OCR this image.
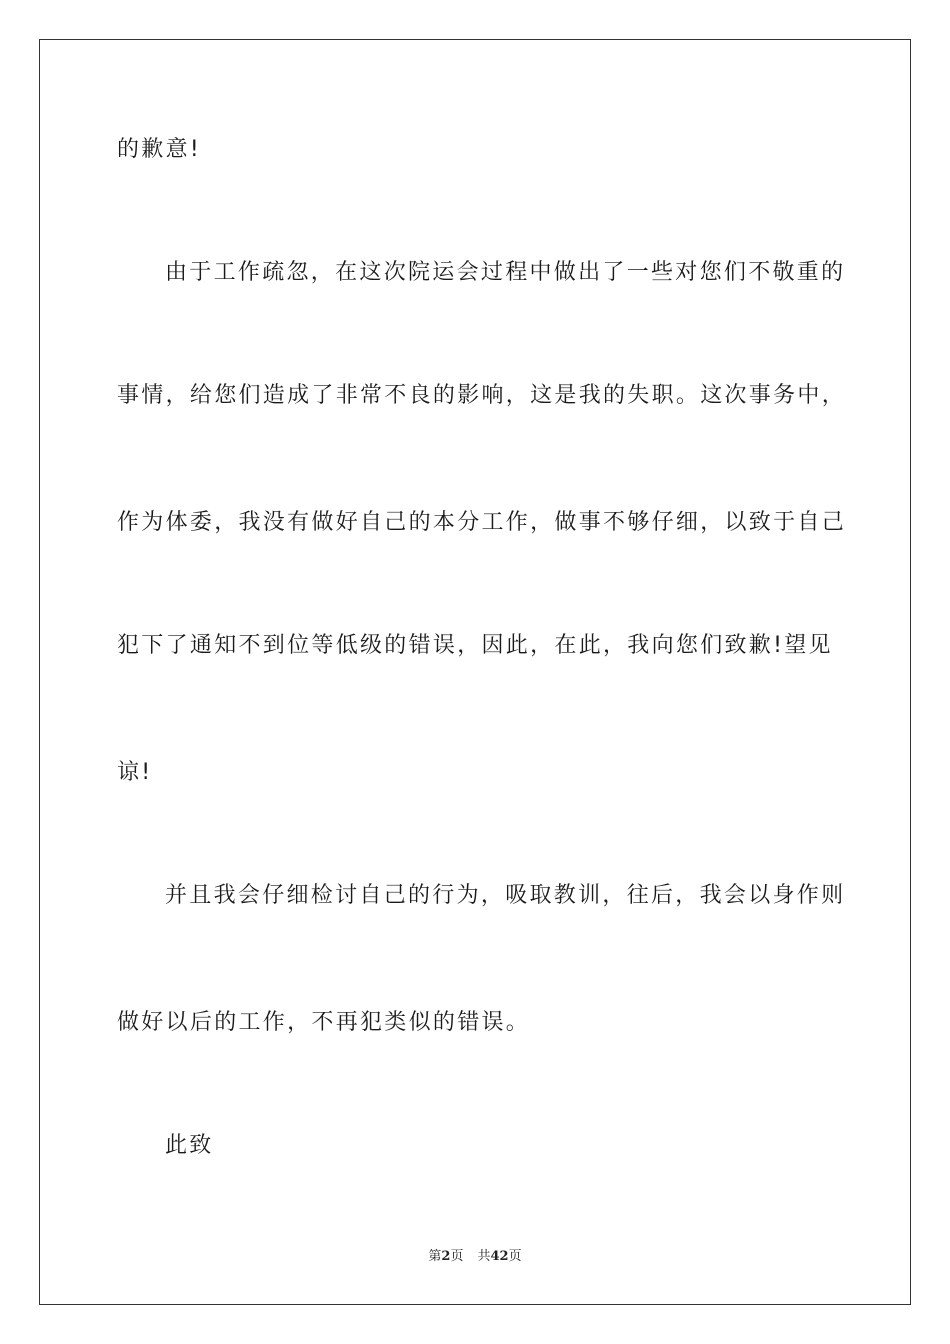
的歉意!
由于工作疏忽，在这次院运会过程中做出了一些对您们不敬重的
事情，给您们造成了非常不良的影响，这是我的失职。这次事务中，
作为体委，我没有做好自己的本分工作，做事不够仔细，以致于自己
犯下了通知不到位等低级的错误，因此，在此，我向您们致歉!望见
谅!
并且我会仔细检讨自己的行为，吸取教训，往后，我会以身作则
做好以后的工作，不再犯类似的错误。
此致
第2页 共42页
